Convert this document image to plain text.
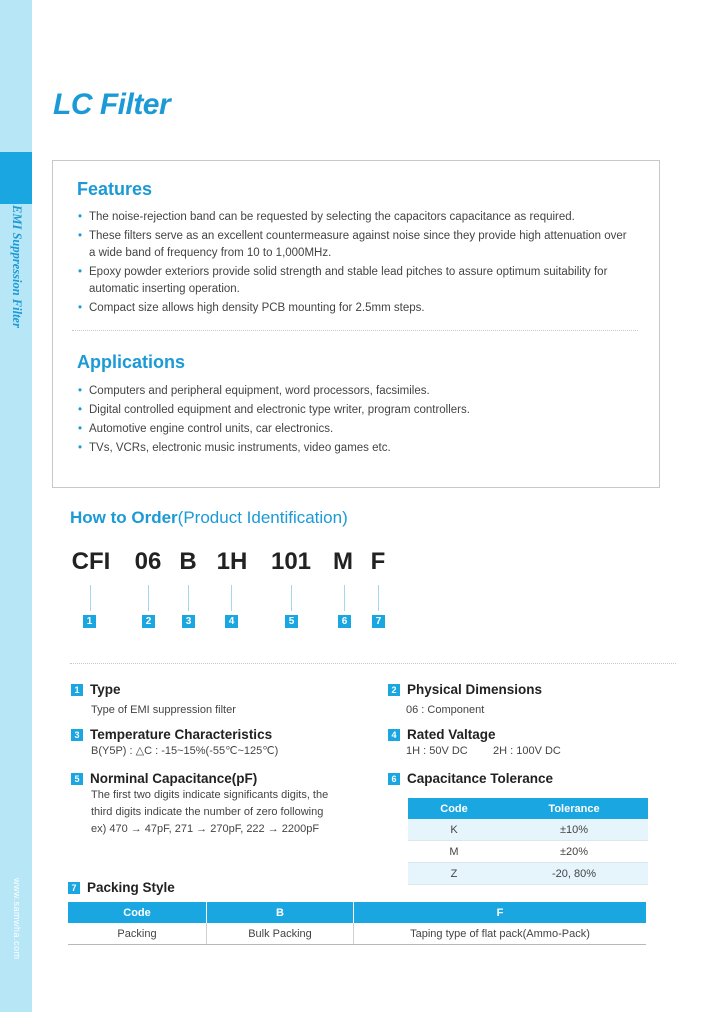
EMI Suppression Filter
www.samwha.com
LC Filter
Features
• The noise-rejection band can be requested by selecting the capacitors capacitance as required.
• These filters serve as an excellent countermeasure against noise since they provide high attenuation over
a wide band of frequency from 10 to 1,000MHz.
• Epoxy powder exteriors provide solid strength and stable lead pitches to assure optimum suitability for
automatic inserting operation.
• Compact size allows high density PCB mounting for 2.5mm steps.
Applications
• Computers and peripheral equipment, word processors, facsimiles.
• Digital controlled equipment and electronic type writer, program controllers.
• Automotive engine control units, car electronics.
• TVs, VCRs, electronic music instruments, video games etc.
How to Order(Product Identification)
CFI 06 B 1H 101 M F
1	2	3	4	5	6	7
1 Type
Type of EMI suppression filter
2 Physical Dimensions
06 : Component
3 Temperature Characteristics
B(Y5P) : △C : -15~15%(-55℃~125℃)
4 Rated Valtage
1H : 50V DC 2H : 100V DC
5 Norminal Capacitance(pF)
The first two digits indicate significants digits, the
third digits indicate the number of zero following
ex) 470 → 47pF, 271 → 270pF, 222 → 2200pF
6 Capacitance Tolerance
Code	Tolerance
K	±10%
M	±20%
Z	-20, 80%
7 Packing Style
Code	B	F
Packing	Bulk Packing	Taping type of flat pack(Ammo-Pack)
